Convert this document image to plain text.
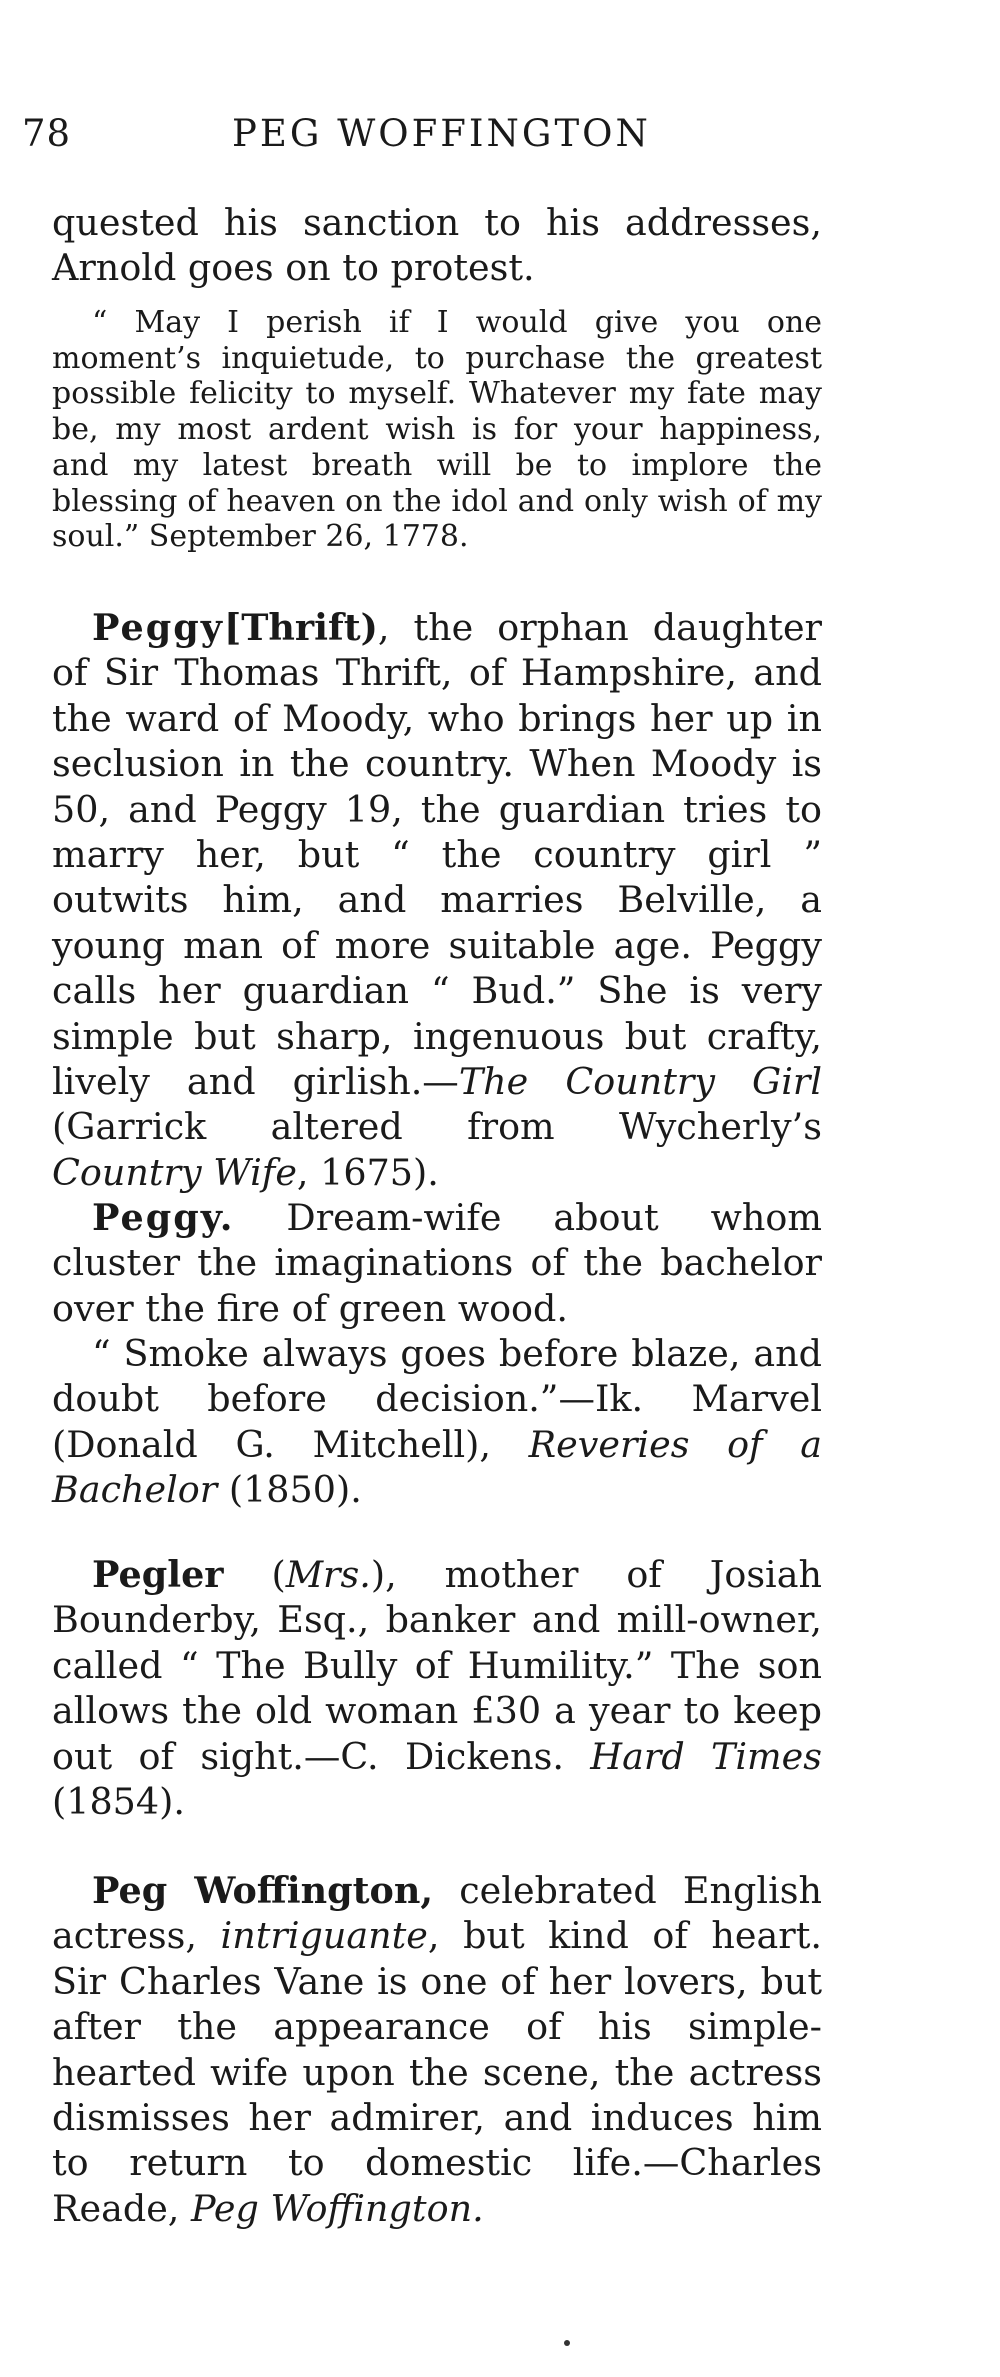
78	PEG WOFFINGTON

quested his sanction to his addresses, Arnold goes on to protest.

“ May I perish if I would give you one moment’s inquietude, to purchase the greatest possible felicity to myself. Whatever my fate may be, my most ardent wish is for your happiness, and my latest breath will be to implore the blessing of heaven on the idol and only wish of my soul.” September 26, 1778.

Peggy[Thrift), the orphan daughter of Sir Thomas Thrift, of Hampshire, and the ward of Moody, who brings her up in seclusion in the country. When Moody is 50, and Peggy 19, the guardian tries to marry her, but “ the country girl ” outwits him, and marries Belville, a young man of more suitable age. Peggy calls her guardian “ Bud.” She is very simple but sharp, ingenuous but crafty, lively and girlish.—The Country Girl (Garrick altered from Wycherly’s Country Wife, 1675).

Peggy. Dream-wife about whom cluster the imaginations of the bachelor over the fire of green wood.

“ Smoke always goes before blaze, and doubt before decision.”—Ik. Marvel (Donald G. Mitchell), Reveries of a Bachelor (1850).

Pegler (Mrs.), mother of Josiah Bounderby, Esq., banker and mill-owner, called “ The Bully of Humility.” The son allows the old woman £30 a year to keep out of sight.—C. Dickens. Hard Times (1854).

Peg Woffington, celebrated English actress, intriguante, but kind of heart. Sir Charles Vane is one of her lovers, but after the appearance of his simple-hearted wife upon the scene, the actress dismisses her admirer, and induces him to return to domestic life.—Charles Reade, Peg Woffington.
